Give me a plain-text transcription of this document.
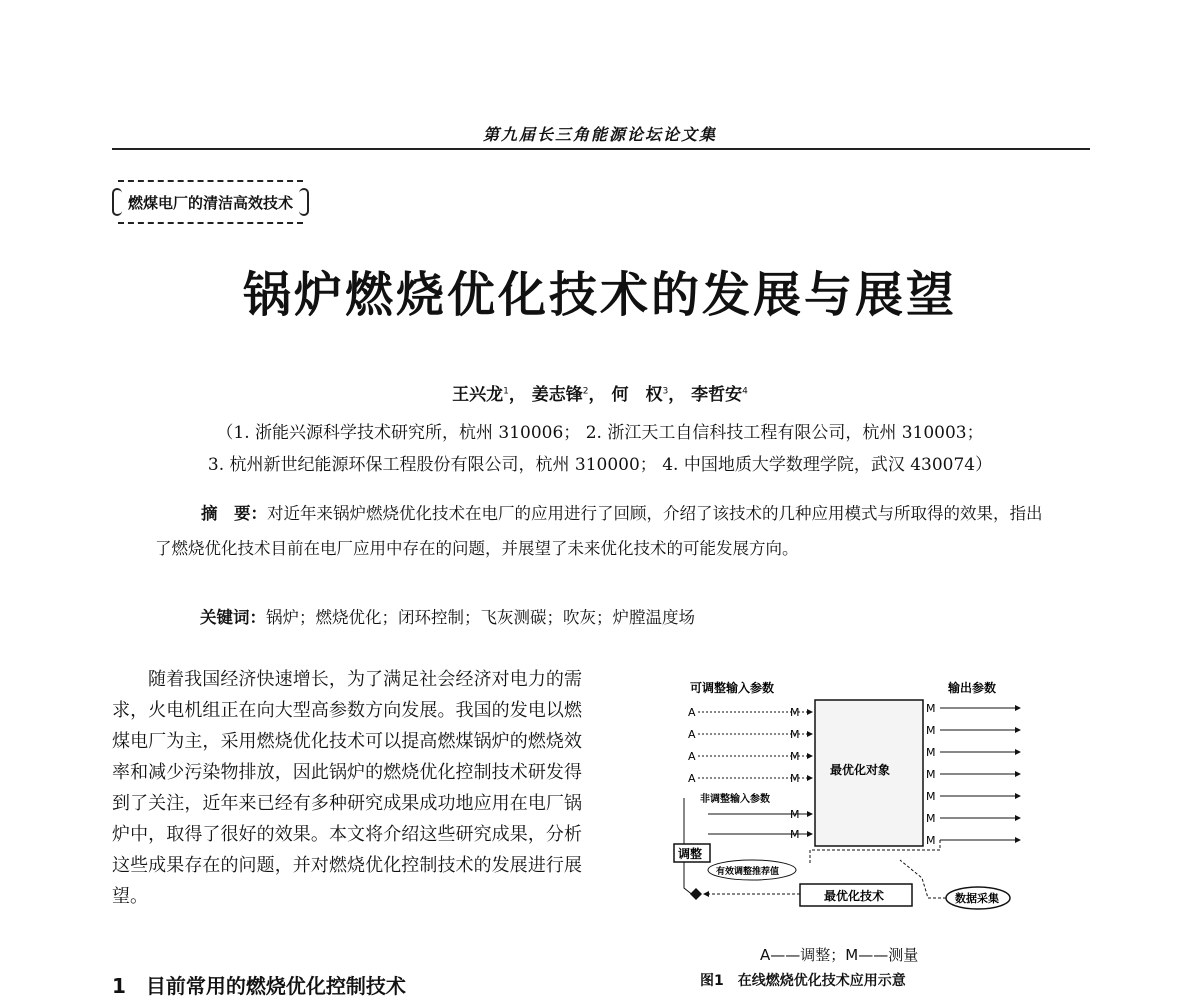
第九届长三角能源论坛论文集
燃煤电厂的清洁高效技术
锅炉燃烧优化技术的发展与展望
王兴龙$^1$， 姜志锋$^2$， 何　权$^3$， 李哲安$^4$
（1. 浙能兴源科学技术研究所，杭州 310006； 2. 浙江天工自信科技工程有限公司，杭州 310003；
3. 杭州新世纪能源环保工程股份有限公司，杭州 310000； 4. 中国地质大学数理学院，武汉 430074）
摘　要：对近年来锅炉燃烧优化技术在电厂的应用进行了回顾，介绍了该技术的几种应用模式与所取得的效果，指出了燃烧优化技术目前在电厂应用中存在的问题，并展望了未来优化技术的可能发展方向。
关键词：锅炉；燃烧优化；闭环控制；飞灰测碳；吹灰；炉膛温度场
随着我国经济快速增长，为了满足社会经济对电力的需求，火电机组正在向大型高参数方向发展。我国的发电以燃煤电厂为主，采用燃烧优化技术可以提高燃煤锅炉的燃烧效率和减少污染物排放，因此锅炉的燃烧优化控制技术研发得到了关注，近年来已经有多种研究成果成功地应用在电厂锅炉中，取得了很好的效果。本文将介绍这些研究成果，分析这些成果存在的问题，并对燃烧优化控制技术的发展进行展望。
1　目前常用的燃烧优化控制技术
可调整输入参数	输出参数
最优化对象
A
A
A
A
M
M
M
M
M
M
非调整输入参数
M
M
M
M
M
M
M
调整
有效调整推荐值
最优化技术	数据采集
A——调整；M——测量
图1　在线燃烧优化技术应用示意
